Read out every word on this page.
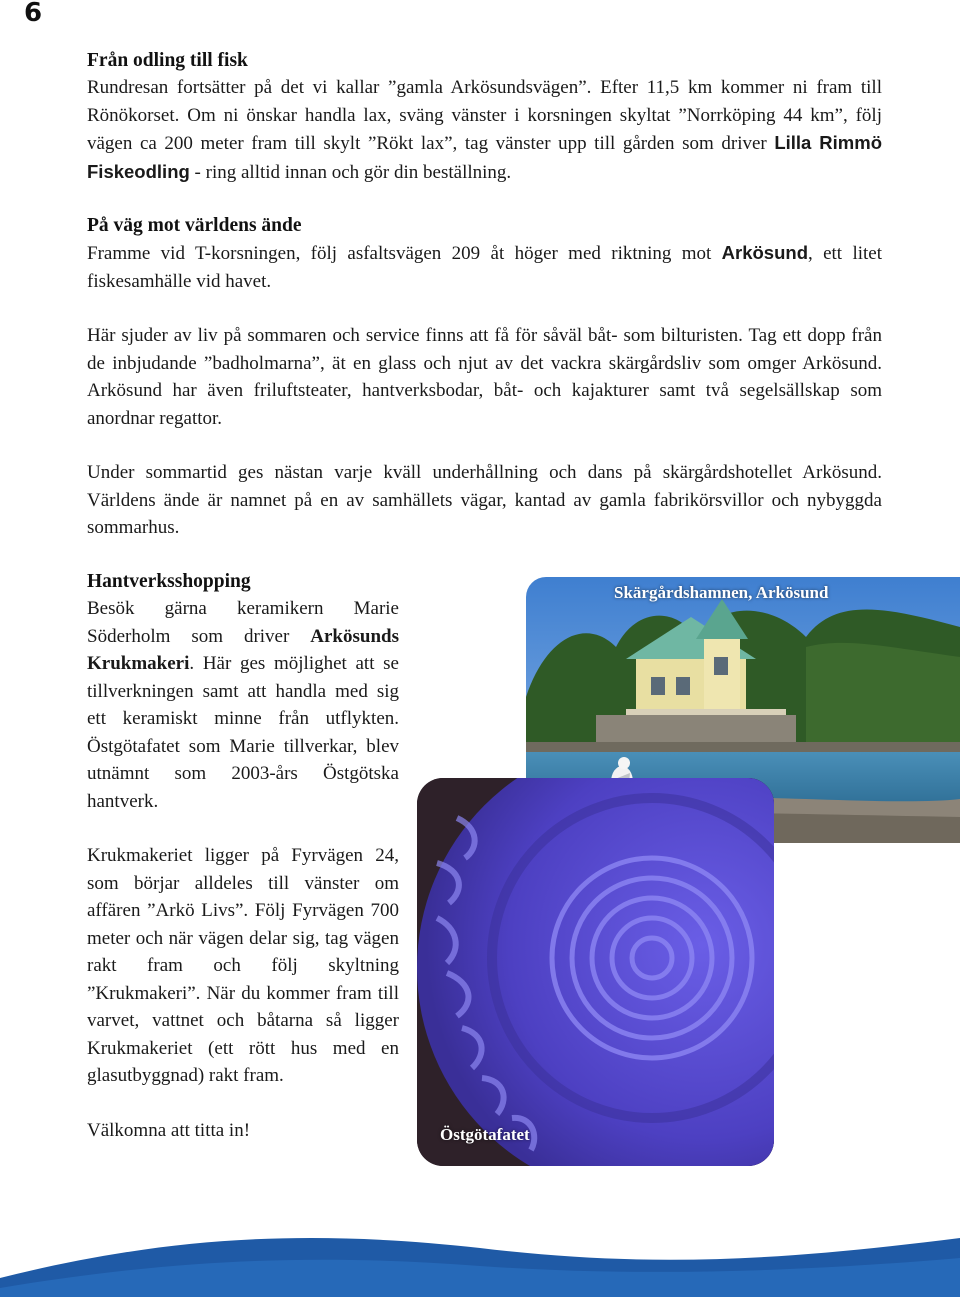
6
Från odling till fisk

Rundresan fortsätter på det vi kallar ”gamla Arkösundsvägen”. Efter 11,5 km kommer ni fram till Rönökorset. Om ni önskar handla lax, sväng vänster i korsningen skyltat ”Norrköping 44 km”, följ vägen ca 200 meter fram till skylt ”Rökt lax”, tag vänster upp till gården som driver Lilla Rimmö Fiskeodling - ring alltid innan och gör din beställning.

På väg mot världens ände

Framme vid T-korsningen, följ asfaltsvägen 209 åt höger med riktning mot Arkösund, ett litet fiskesamhälle vid havet.

Här sjuder av liv på sommaren och service finns att få för såväl båt- som bilturisten. Tag ett dopp från de inbjudande ”badholmarna”, ät en glass och njut av det vackra skärgårdsliv som omger Arkösund. Arkösund har även friluftsteater, hantverksbodar, båt- och kajakturer samt två segelsällskap som anordnar regattor.

Under sommartid ges nästan varje kväll underhållning och dans på skärgårdshotellet Arkösund. Världens ände är namnet på en av samhällets vägar, kantad av gamla fabrikörsvillor och nybyggda sommarhus.

Hantverksshopping

Besök gärna keramikern Marie Söderholm som driver Arkösunds Krukmakeri. Här ges möjlighet att se tillverkningen samt att handla med sig ett keramiskt minne från utflykten. Östgötafatet som Marie tillverkar, blev utnämnt som 2003-års Östgötska hantverk.

Krukmakeriet ligger på Fyrvägen 24, som börjar alldeles till vänster om affären ”Arkö Livs”. Följ Fyrvägen 700 meter och när vägen delar sig, tag vägen rakt fram och följ skyltning ”Krukmakeri”. När du kommer fram till varvet, vattnet och båtarna så ligger Krukmakeriet (ett rött hus med en glasutbyggnad) rakt fram.

Välkomna att titta in!

Skärgårdshamnen, Arkösund
Östgötafatet
